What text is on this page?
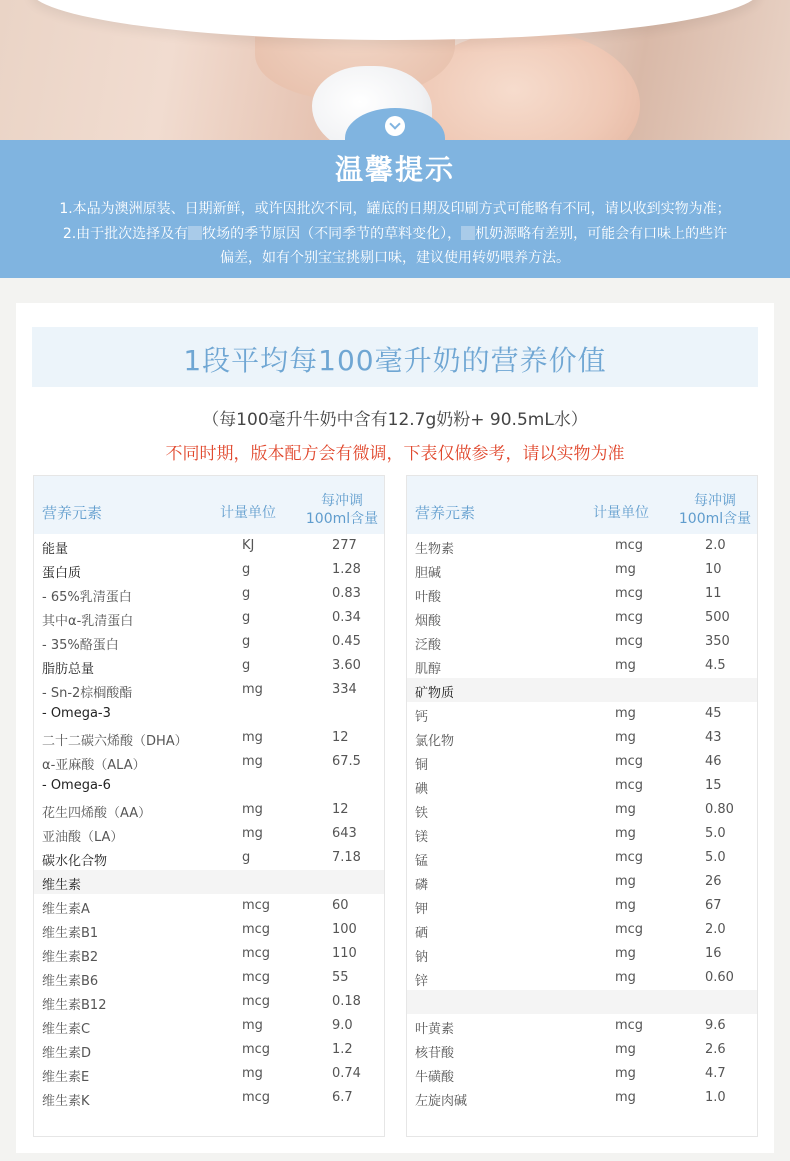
温馨提示
1.本品为澳洲原装、日期新鲜，或许因批次不同，罐底的日期及印刷方式可能略有不同，请以收到实物为准；
2.由于批次选择及有 牧场的季节原因（不同季节的草料变化）， 机奶源略有差别，可能会有口味上的些许
偏差，如有个别宝宝挑剔口味，建议使用转奶喂养方法。
1段平均每100毫升奶的营养价值
（每100毫升牛奶中含有12.7g奶粉+ 90.5mL水）
不同时期，版本配方会有微调，下表仅做参考，请以实物为准
营养元素	计量单位
每冲调
100ml含量
能量	KJ	277
蛋白质	g	1.28
- 65%乳清蛋白	g	0.83
其中α-乳清蛋白	g	0.34
- 35%酪蛋白	g	0.45
脂肪总量	g	3.60
- Sn-2棕榈酸酯	mg	334
- Omega-3
二十二碳六烯酸（DHA）	mg	12
α-亚麻酸（ALA）	mg	67.5
- Omega-6
花生四烯酸（AA）	mg	12
亚油酸（LA）	mg	643
碳水化合物	g	7.18
维生素
维生素A	mcg	60
维生素B1	mcg	100
维生素B2	mcg	110
维生素B6	mcg	55
维生素B12	mcg	0.18
维生素C	mg	9.0
维生素D	mcg	1.2
维生素E	mg	0.74
维生素K	mcg	6.7
营养元素	计量单位
每冲调
100ml含量
生物素	mcg	2.0
胆碱	mg	10
叶酸	mcg	11
烟酸	mcg	500
泛酸	mcg	350
肌醇	mg	4.5
矿物质
钙	mg	45
氯化物	mg	43
铜	mcg	46
碘	mcg	15
铁	mg	0.80
镁	mg	5.0
锰	mcg	5.0
磷	mg	26
钾	mg	67
硒	mcg	2.0
钠	mg	16
锌	mg	0.60
叶黄素	mcg	9.6
核苷酸	mg	2.6
牛磺酸	mg	4.7
左旋肉碱	mg	1.0
